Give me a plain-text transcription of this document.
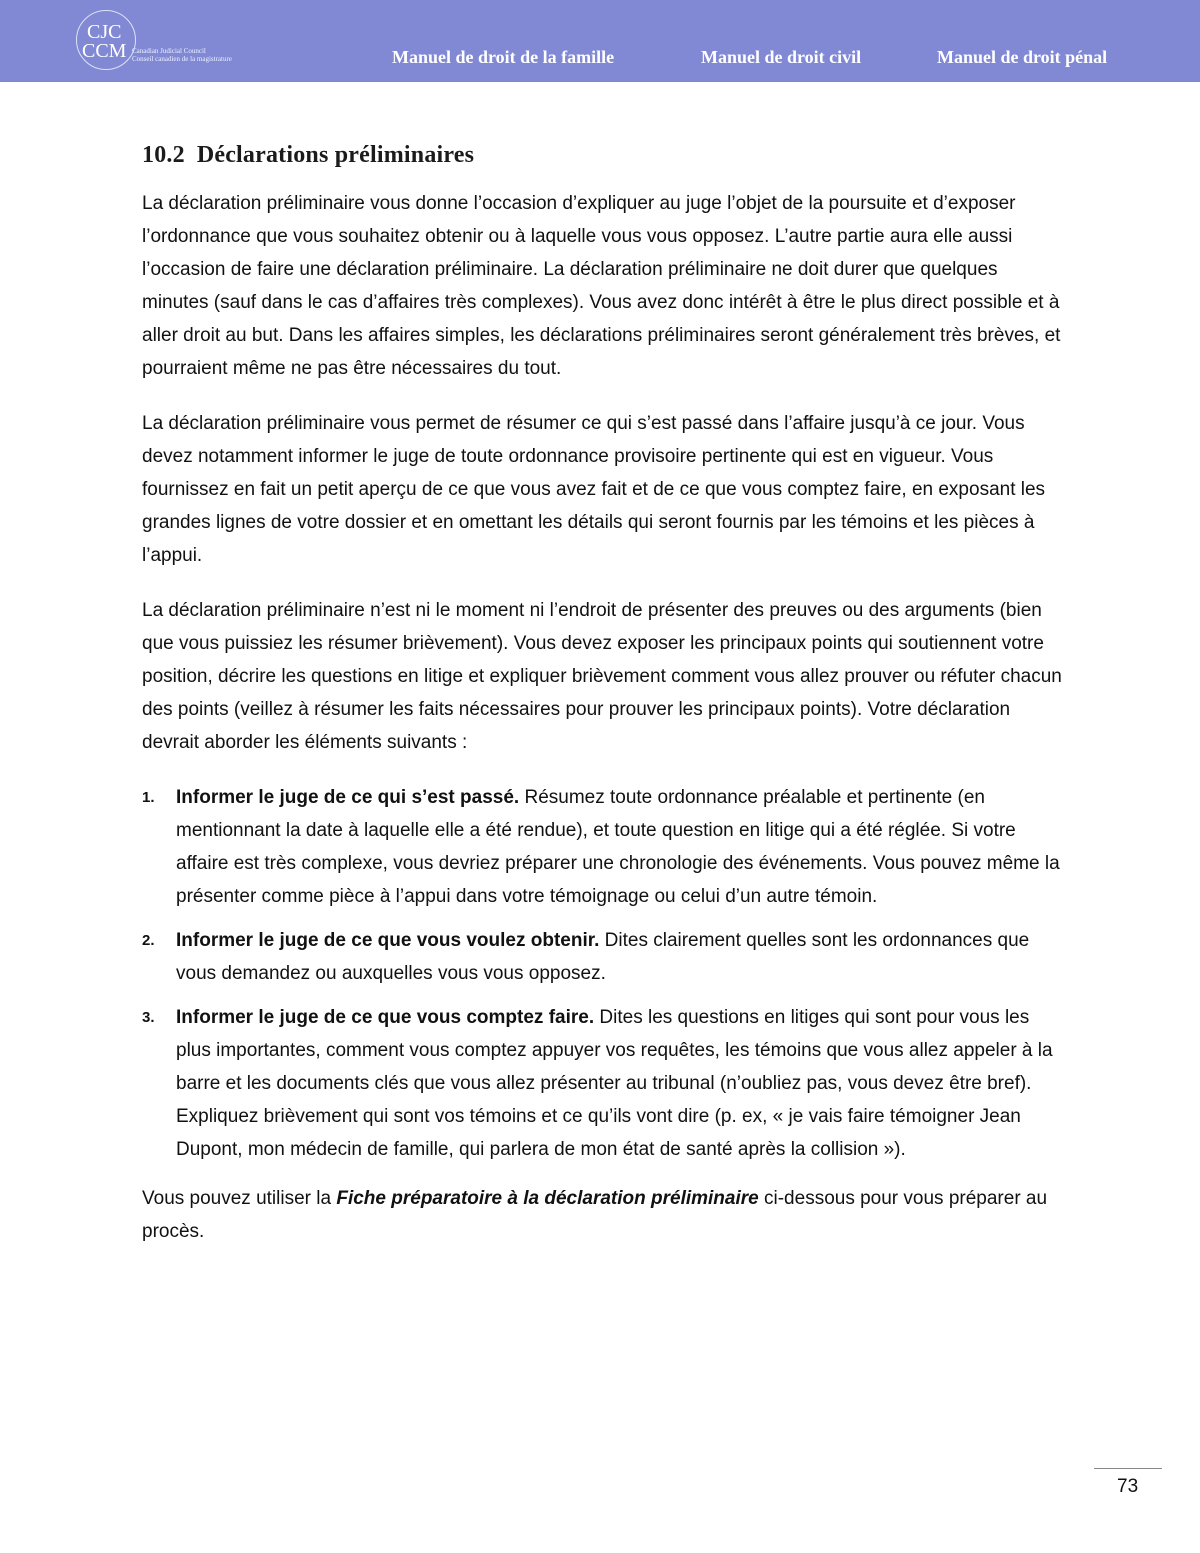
CJC
CCM Canadian Judicial Council
Conseil canadien de la magistrature	Manuel de droit de la famille	Manuel de droit civil	Manuel de droit pénal
10.2 Déclarations préliminaires

La déclaration préliminaire vous donne l’occasion d’expliquer au juge l’objet de la poursuite et d’exposer l’ordonnance que vous souhaitez obtenir ou à laquelle vous vous opposez. L’autre partie aura elle aussi l’occasion de faire une déclaration préliminaire. La déclaration préliminaire ne doit durer que quelques minutes (sauf dans le cas d’affaires très complexes). Vous avez donc intérêt à être le plus direct possible et à aller droit au but. Dans les affaires simples, les déclarations préliminaires seront généralement très brèves, et pourraient même ne pas être nécessaires du tout.

La déclaration préliminaire vous permet de résumer ce qui s’est passé dans l’affaire jusqu’à ce jour. Vous devez notamment informer le juge de toute ordonnance provisoire pertinente qui est en vigueur. Vous fournissez en fait un petit aperçu de ce que vous avez fait et de ce que vous comptez faire, en exposant les grandes lignes de votre dossier et en omettant les détails qui seront fournis par les témoins et les pièces à l’appui.

La déclaration préliminaire n’est ni le moment ni l’endroit de présenter des preuves ou des arguments (bien que vous puissiez les résumer brièvement). Vous devez exposer les principaux points qui soutiennent votre position, décrire les questions en litige et expliquer brièvement comment vous allez prouver ou réfuter chacun des points (veillez à résumer les faits nécessaires pour prouver les principaux points). Votre déclaration devrait aborder les éléments suivants :

1. Informer le juge de ce qui s’est passé. Résumez toute ordonnance préalable et pertinente (en mentionnant la date à laquelle elle a été rendue), et toute question en litige qui a été réglée. Si votre affaire est très complexe, vous devriez préparer une chronologie des événements. Vous pouvez même la présenter comme pièce à l’appui dans votre témoignage ou celui d’un autre témoin.
2. Informer le juge de ce que vous voulez obtenir. Dites clairement quelles sont les ordonnances que vous demandez ou auxquelles vous vous opposez.
3. Informer le juge de ce que vous comptez faire. Dites les questions en litiges qui sont pour vous les plus importantes, comment vous comptez appuyer vos requêtes, les témoins que vous allez appeler à la barre et les documents clés que vous allez présenter au tribunal (n’oubliez pas, vous devez être bref). Expliquez brièvement qui sont vos témoins et ce qu’ils vont dire (p. ex, « je vais faire témoigner Jean Dupont, mon médecin de famille, qui parlera de mon état de santé après la collision »).

Vous pouvez utiliser la Fiche préparatoire à la déclaration préliminaire ci-dessous pour vous préparer au procès.

73
